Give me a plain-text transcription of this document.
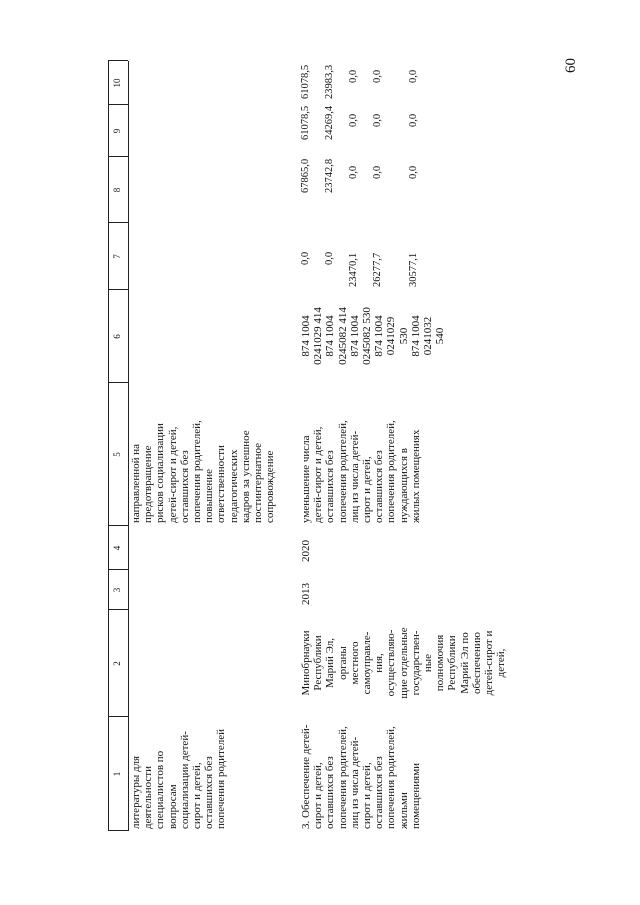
60
1
2
3
4
5
6
7
8
9
10
литературы для деятельности специалистов по вопросам социализации детей- сирот и детей, оставшихся без попечения родителей
направленной на предотвращение рисков социализации детей-сирот и детей, оставшихся без попечения родителей, повышение ответственности педагогических кадров за успешное постинтернатное сопровождение
3. Обеспечение детей- сирот и детей, оставшихся без попечения родителей, лиц из числа детей- сирот и детей, оставшихся без попечения родителей, жильми помещениями
Минобрнауки Республики Марий Эл, органы местного самоуправле- ния, осуществляю- щие отдельные государствен- ные полномочия Республики Марий Эл по обеспечению детей-сирот и детей,
2013
2020
уменьшение числа детей-сирот и детей, оставшихся без попечения родителей, лиц из числа детей- сирот и детей, оставшихся без попечения родителей, нуждающихся в жилых помещениях
874 1004 0241029 414 874 1004 0245082 414 874 1004 0245082 530 874 1004 0241029 530 874 1004 0241032 540
0,0 0,0 23470,1 26277,7 30577,1
67865,0 23742,8 0,0 0,0 0,0
61078,5 24269,4 0,0 0,0 0,0
61078,5 23983,3 0,0 0,0 0,0
